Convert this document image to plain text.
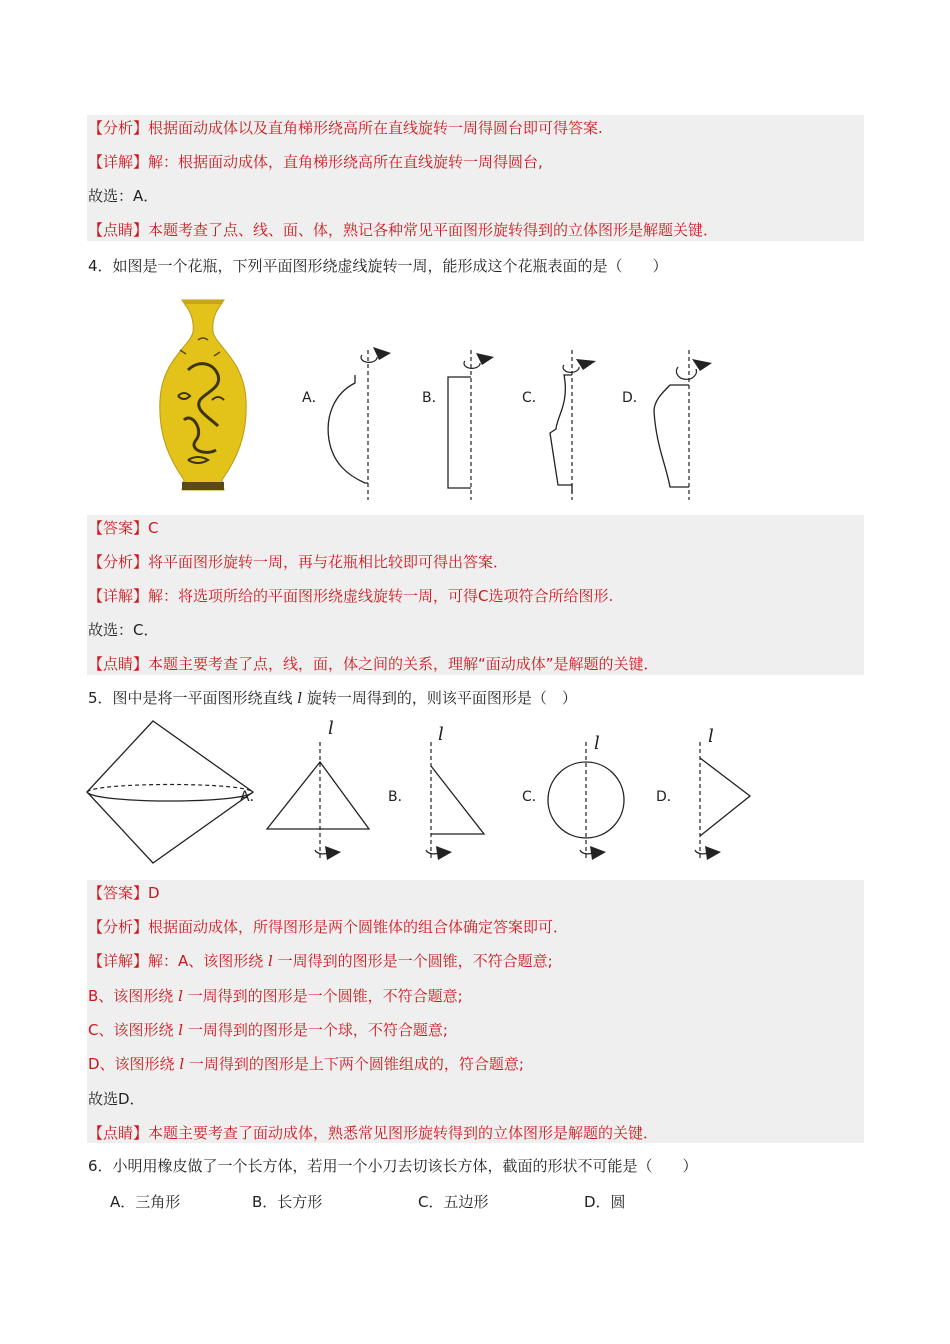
【分析】根据面动成体以及直角梯形绕高所在直线旋转一周得圆台即可得答案.
【详解】解：根据面动成体，直角梯形绕高所在直线旋转一周得圆台,
故选：A．
【点睛】本题考查了点、线、面、体，熟记各种常见平面图形旋转得到的立体图形是解题关键．
4．如图是一个花瓶，下列平面图形绕虚线旋转一周，能形成这个花瓶表面的是（　　）
A．	B．	C．	D．
【答案】C
【分析】将平面图形旋转一周，再与花瓶相比较即可得出答案．
【详解】解：将选项所给的平面图形绕虚线旋转一周，可得C选项符合所给图形.
故选：C．
【点睛】本题主要考查了点，线，面，体之间的关系，理解“面动成体”是解题的关键．
5．图中是将一平面图形绕直线 l 旋转一周得到的，则该平面图形是（　）
A．
l
B．
l
C．
l
D．
l
【答案】D
【分析】根据面动成体，所得图形是两个圆锥体的组合体确定答案即可．
【详解】解：A、该图形绕 l 一周得到的图形是一个圆锥，不符合题意;
B、该图形绕 l 一周得到的图形是一个圆锥，不符合题意;
C、该图形绕 l 一周得到的图形是一个球，不符合题意;
D、该图形绕 l 一周得到的图形是上下两个圆锥组成的，符合题意;
故选D．
【点睛】本题主要考查了面动成体，熟悉常见图形旋转得到的立体图形是解题的关键．
6．小明用橡皮做了一个长方体，若用一个小刀去切该长方体，截面的形状不可能是（　　）
A．三角形	B．长方形	C．五边形	D．圆
